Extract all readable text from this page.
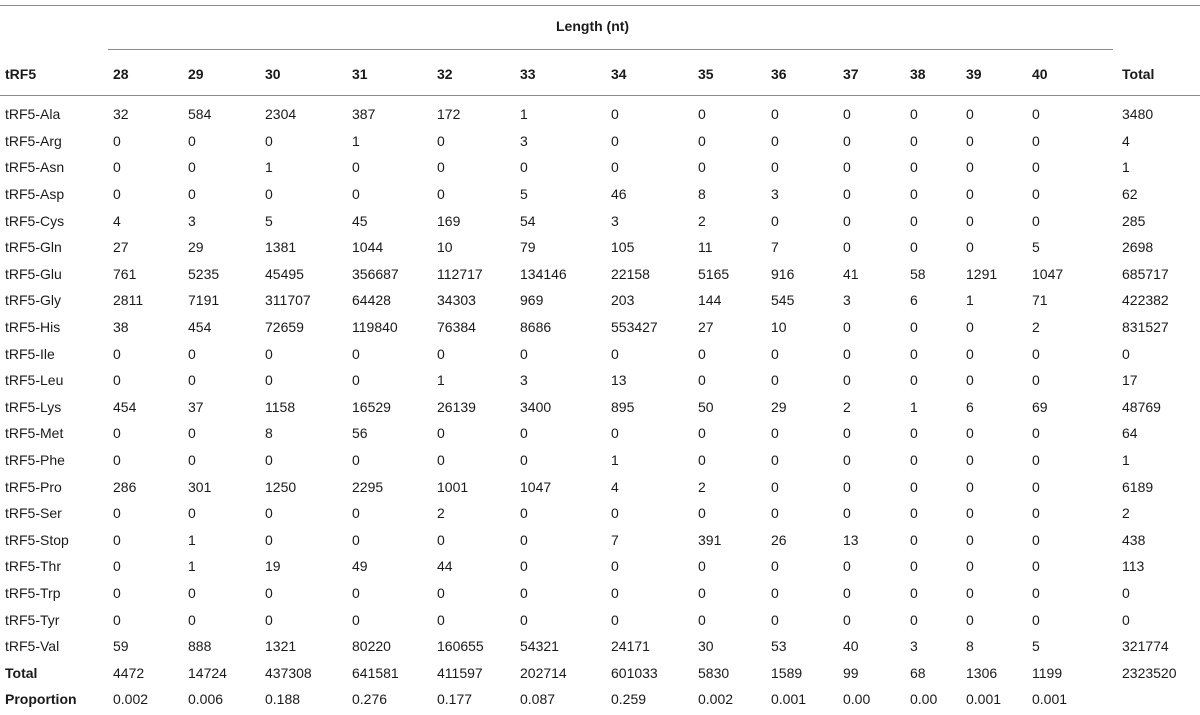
Length (nt)
tRF5	28	29	30	31	32	33	34	35	36	37	38	39	40	Total
tRF5-Ala	32	584	2304	387	172	1	0	0	0	0	0	0	0	3480
tRF5-Arg	0	0	0	1	0	3	0	0	0	0	0	0	0	4
tRF5-Asn	0	0	1	0	0	0	0	0	0	0	0	0	0	1
tRF5-Asp	0	0	0	0	0	5	46	8	3	0	0	0	0	62
tRF5-Cys	4	3	5	45	169	54	3	2	0	0	0	0	0	285
tRF5-Gln	27	29	1381	1044	10	79	105	11	7	0	0	0	5	2698
tRF5-Glu	761	5235	45495	356687	112717	134146	22158	5165	916	41	58	1291	1047	685717
tRF5-Gly	2811	7191	311707	64428	34303	969	203	144	545	3	6	1	71	422382
tRF5-His	38	454	72659	119840	76384	8686	553427	27	10	0	0	0	2	831527
tRF5-Ile	0	0	0	0	0	0	0	0	0	0	0	0	0	0
tRF5-Leu	0	0	0	0	1	3	13	0	0	0	0	0	0	17
tRF5-Lys	454	37	1158	16529	26139	3400	895	50	29	2	1	6	69	48769
tRF5-Met	0	0	8	56	0	0	0	0	0	0	0	0	0	64
tRF5-Phe	0	0	0	0	0	0	1	0	0	0	0	0	0	1
tRF5-Pro	286	301	1250	2295	1001	1047	4	2	0	0	0	0	0	6189
tRF5-Ser	0	0	0	0	2	0	0	0	0	0	0	0	0	2
tRF5-Stop	0	1	0	0	0	0	7	391	26	13	0	0	0	438
tRF5-Thr	0	1	19	49	44	0	0	0	0	0	0	0	0	113
tRF5-Trp	0	0	0	0	0	0	0	0	0	0	0	0	0	0
tRF5-Tyr	0	0	0	0	0	0	0	0	0	0	0	0	0	0
tRF5-Val	59	888	1321	80220	160655	54321	24171	30	53	40	3	8	5	321774
Total	4472	14724	437308	641581	411597	202714	601033	5830	1589	99	68	1306	1199	2323520
Proportion	0.002	0.006	0.188	0.276	0.177	0.087	0.259	0.002	0.001	0.00	0.00	0.001	0.001	
